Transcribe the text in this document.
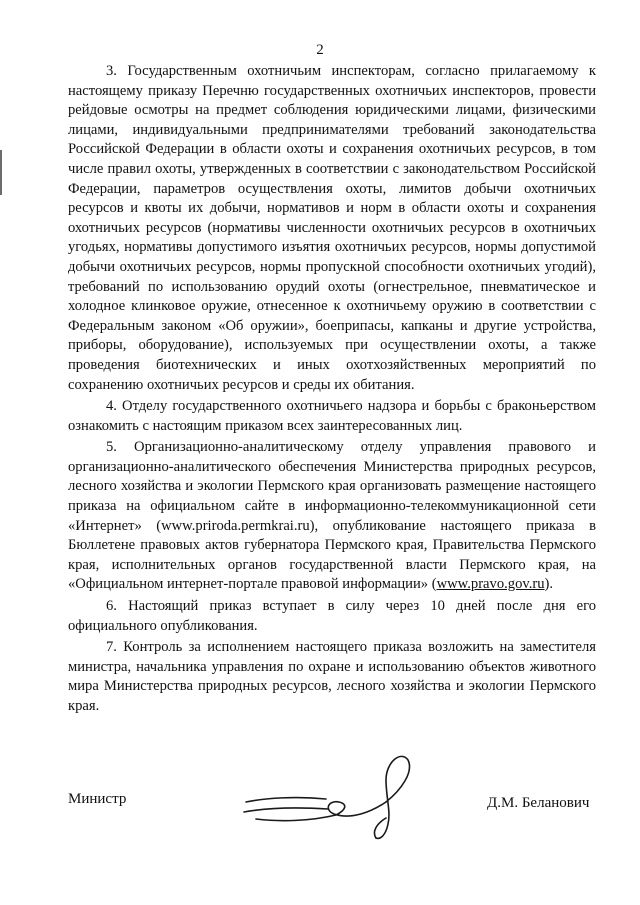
2

3. Государственным охотничьим инспекторам, согласно прилагаемому к настоящему приказу Перечню государственных охотничьих инспекторов, провести рейдовые осмотры на предмет соблюдения юридическими лицами, физическими лицами, индивидуальными предпринимателями требований законодательства Российской Федерации в области охоты и сохранения охотничьих ресурсов, в том числе правил охоты, утвержденных в соответствии с законодательством Российской Федерации, параметров осуществления охоты, лимитов добычи охотничьих ресурсов и квоты их добычи, нормативов и норм в области охоты и сохранения охотничьих ресурсов (нормативы численности охотничьих ресурсов в охотничьих угодьях, нормативы допустимого изъятия охотничьих ресурсов, нормы допустимой добычи охотничьих ресурсов, нормы пропускной способности охотничьих угодий), требований по использованию орудий охоты (огнестрельное, пневматическое и холодное клинковое оружие, отнесенное к охотничьему оружию в соответствии с Федеральным законом «Об оружии», боеприпасы, капканы и другие устройства, приборы, оборудование), используемых при осуществлении охоты, а также проведения биотехнических и иных охотхозяйственных мероприятий по сохранению охотничьих ресурсов и среды их обитания.

4. Отделу государственного охотничьего надзора и борьбы с браконьерством ознакомить с настоящим приказом всех заинтересованных лиц.

5. Организационно-аналитическому отделу управления правового и организационно-аналитического обеспечения Министерства природных ресурсов, лесного хозяйства и экологии Пермского края организовать размещение настоящего приказа на официальном сайте в информационно-телекоммуникационной сети «Интернет» (www.priroda.permkrai.ru), опубликование настоящего приказа в Бюллетене правовых актов губернатора Пермского края, Правительства Пермского края, исполнительных органов государственной власти Пермского края, на «Официальном интернет-портале правовой информации» (www.pravo.gov.ru).

6. Настоящий приказ вступает в силу через 10 дней после дня его официального опубликования.

7. Контроль за исполнением настоящего приказа возложить на заместителя министра, начальника управления по охране и использованию объектов животного мира Министерства природных ресурсов, лесного хозяйства и экологии Пермского края.

Министр	Д.М. Беланович
